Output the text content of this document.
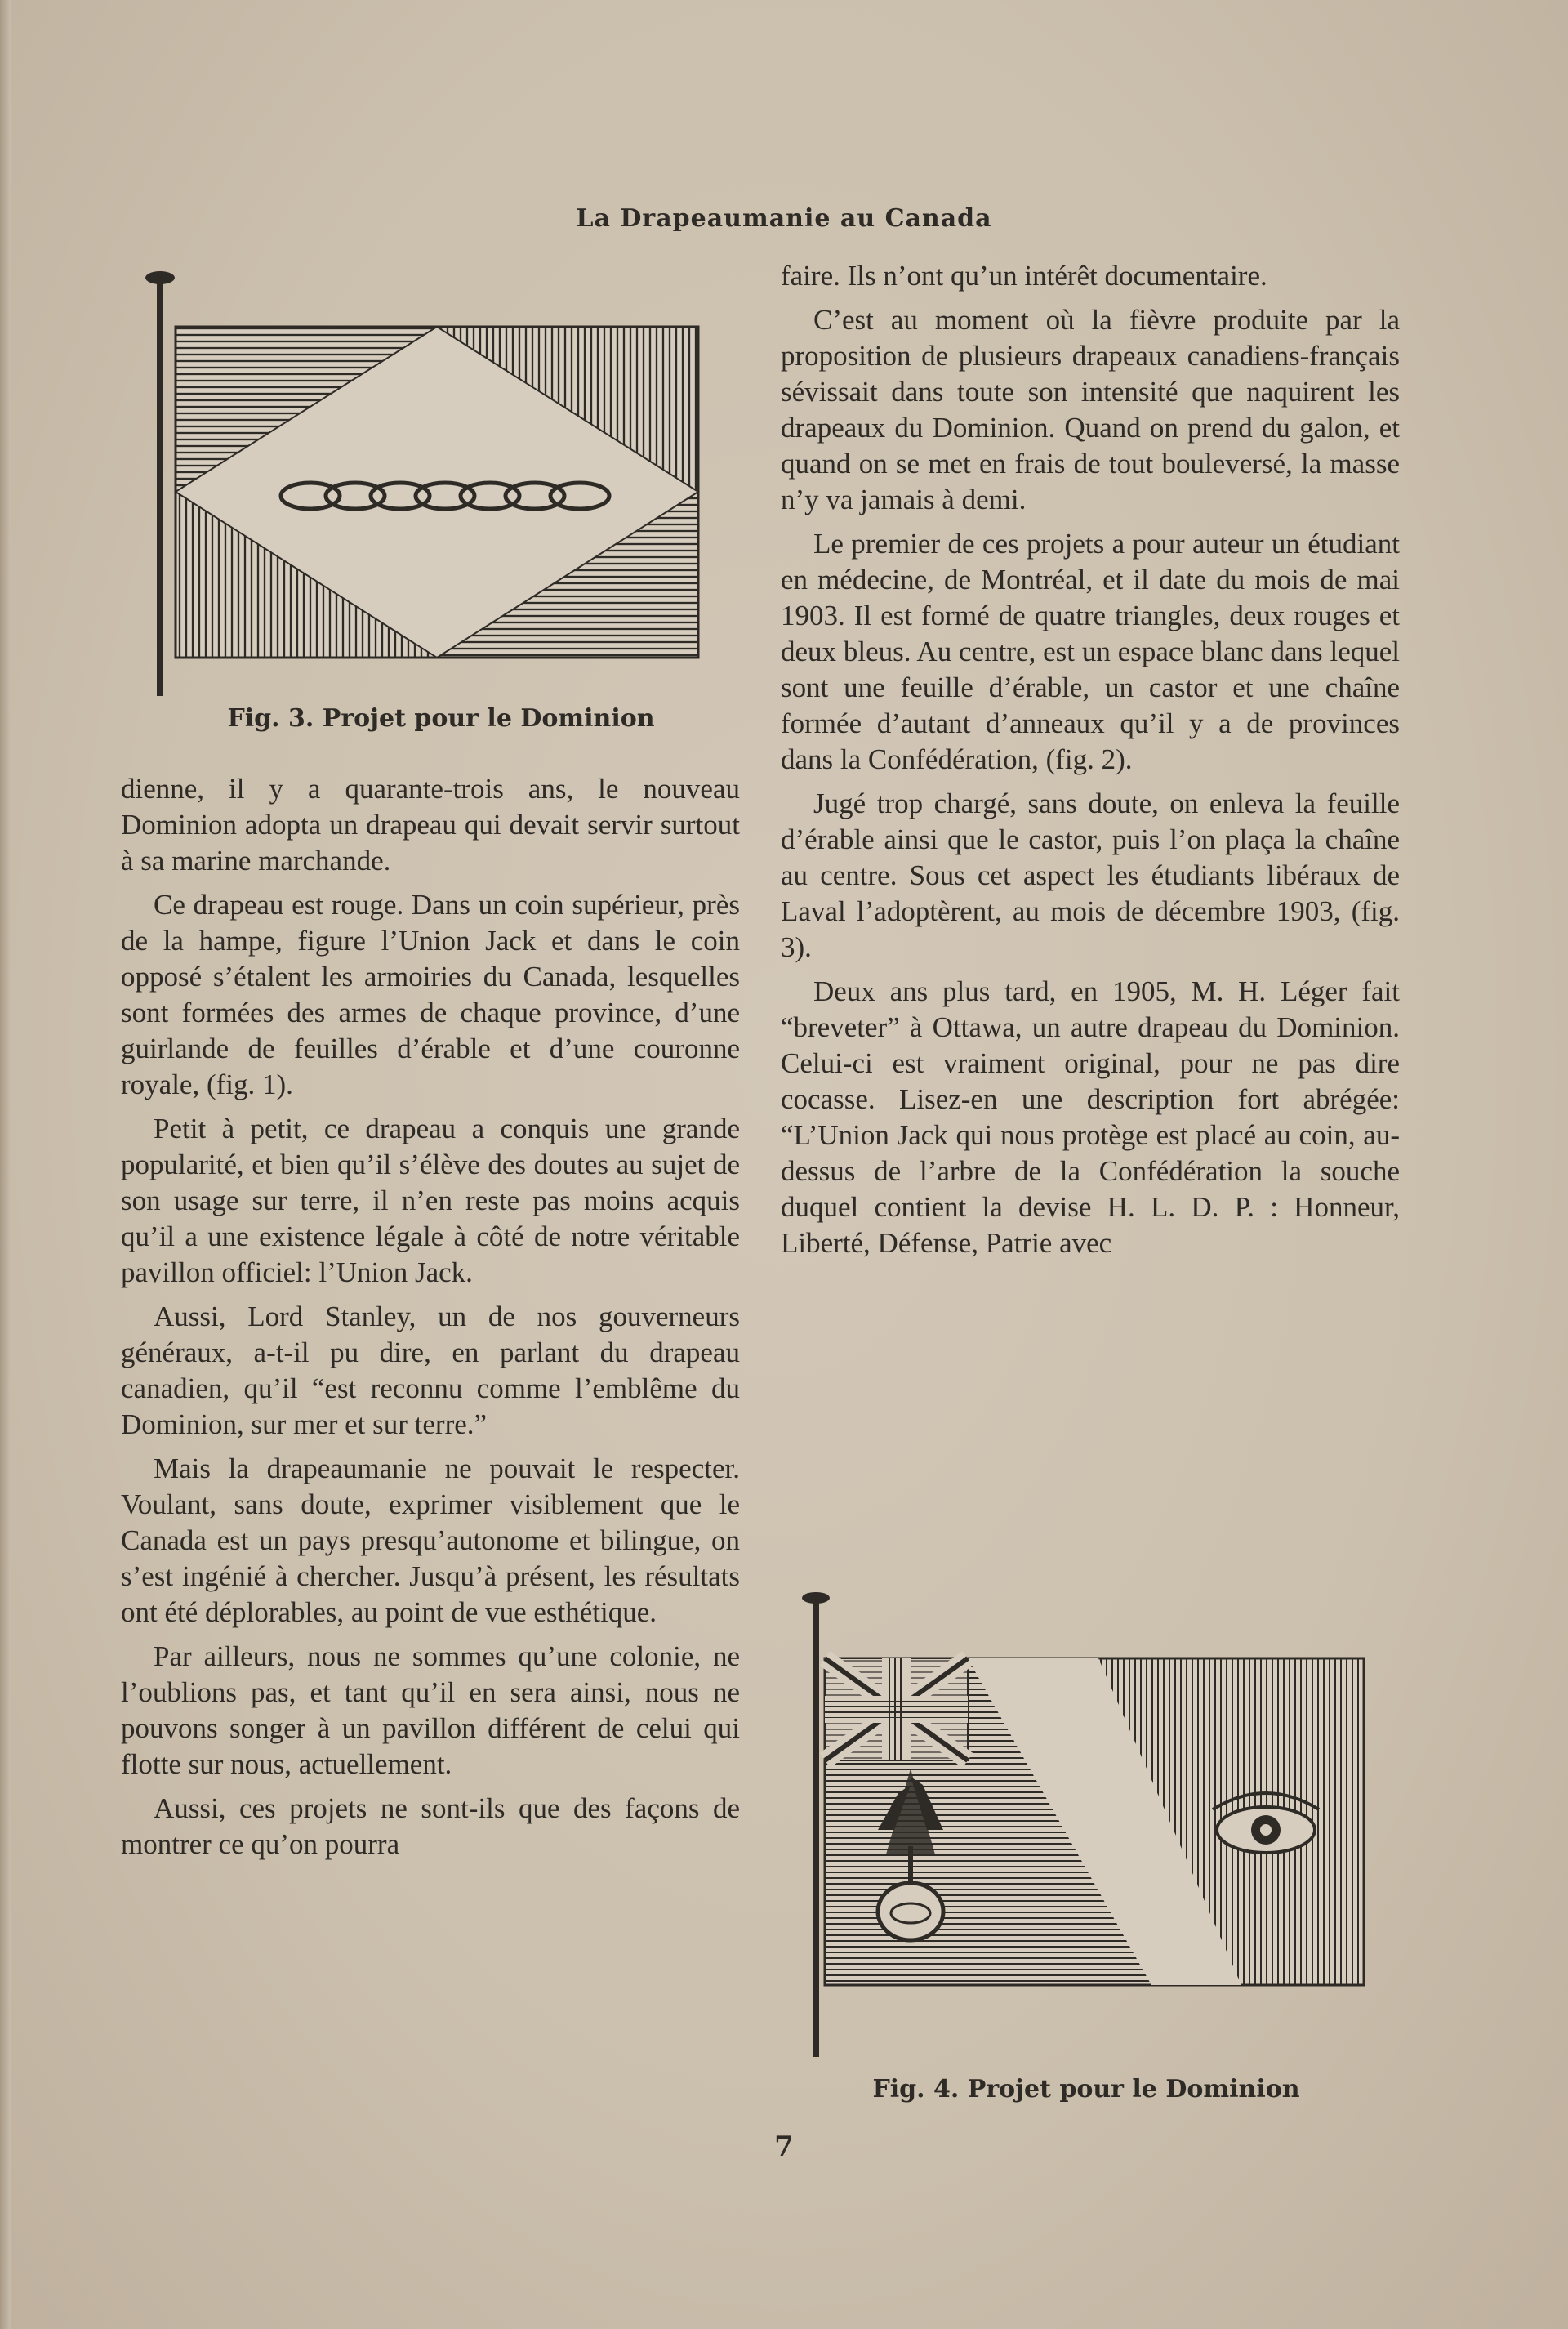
La Drapeaumanie au Canada
Fig. 3. Projet pour le Dominion

dienne, il y a quarante-trois ans, le nouveau Dominion adopta un drapeau qui devait servir surtout à sa marine marchande.

Ce drapeau est rouge. Dans un coin supérieur, près de la hampe, figure l’Union Jack et dans le coin opposé s’étalent les armoiries du Canada, lesquelles sont formées des armes de chaque province, d’une guirlande de feuilles d’érable et d’une couronne royale, (fig. 1).

Petit à petit, ce drapeau a conquis une grande popularité, et bien qu’il s’élève des doutes au sujet de son usage sur terre, il n’en reste pas moins acquis qu’il a une existence légale à côté de notre véritable pavillon officiel: l’Union Jack.

Aussi, Lord Stanley, un de nos gouverneurs généraux, a-t-il pu dire, en parlant du drapeau canadien, qu’il “est reconnu comme l’emblême du Dominion, sur mer et sur terre.”

Mais la drapeaumanie ne pouvait le respecter. Voulant, sans doute, exprimer visiblement que le Canada est un pays presqu’autonome et bilingue, on s’est ingénié à chercher. Jusqu’à présent, les résultats ont été déplorables, au point de vue esthétique.

Par ailleurs, nous ne sommes qu’une colonie, ne l’oublions pas, et tant qu’il en sera ainsi, nous ne pouvons songer à un pavillon différent de celui qui flotte sur nous, actuellement.

Aussi, ces projets ne sont-ils que des façons de montrer ce qu’on pourra

faire. Ils n’ont qu’un intérêt documentaire.

C’est au moment où la fièvre produite par la proposition de plusieurs drapeaux canadiens-français sévissait dans toute son intensité que naquirent les drapeaux du Dominion. Quand on prend du galon, et quand on se met en frais de tout bouleversé, la masse n’y va jamais à demi.

Le premier de ces projets a pour auteur un étudiant en médecine, de Montréal, et il date du mois de mai 1903. Il est formé de quatre triangles, deux rouges et deux bleus. Au centre, est un espace blanc dans lequel sont une feuille d’érable, un castor et une chaîne formée d’autant d’anneaux qu’il y a de provinces dans la Confédération, (fig. 2).

Jugé trop chargé, sans doute, on enleva la feuille d’érable ainsi que le castor, puis l’on plaça la chaîne au centre. Sous cet aspect les étudiants libéraux de Laval l’adoptèrent, au mois de décembre 1903, (fig. 3).

Deux ans plus tard, en 1905, M. H. Léger fait “breveter” à Ottawa, un autre drapeau du Dominion. Celui-ci est vraiment original, pour ne pas dire cocasse. Lisez-en une description fort abrégée: “L’Union Jack qui nous protège est placé au coin, au-dessus de l’arbre de la Confédération la souche duquel contient la devise H. L. D. P. : Honneur, Liberté, Défense, Patrie avec

Fig. 4. Projet pour le Dominion
7
